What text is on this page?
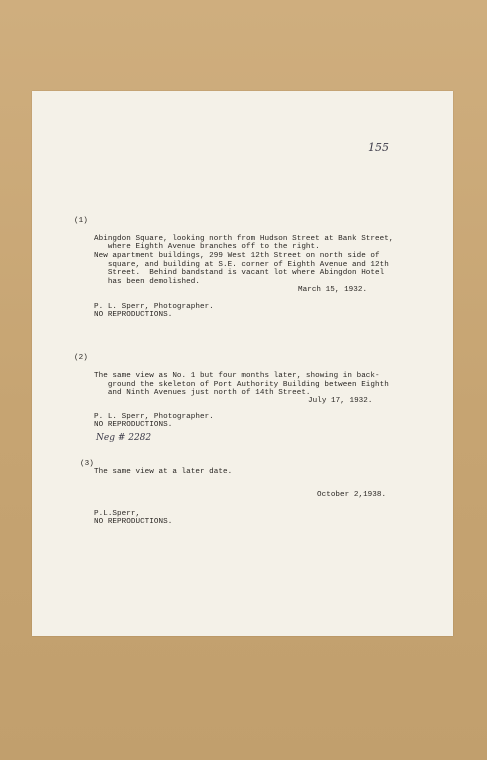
155
(1)
Abingdon Square, looking north from Hudson Street at Bank Street,
where Eighth Avenue branches off to the right.
New apartment buildings, 299 West 12th Street on north side of
square, and building at S.E. corner of Eighth Avenue and 12th
Street.  Behind bandstand is vacant lot where Abingdon Hotel
has been demolished.
March 15, 1932.
P. L. Sperr, Photographer.
NO REPRODUCTIONS.
(2)
The same view as No. 1 but four months later, showing in back-
ground the skeleton of Port Authority Building between Eighth
and Ninth Avenues just north of 14th Street.
July 17, 1932.
P. L. Sperr, Photographer.
NO REPRODUCTIONS.
Neg # 2282
(3)
The same view at a later date.
October 2,1938.
P.L.Sperr,
NO REPRODUCTIONS.
